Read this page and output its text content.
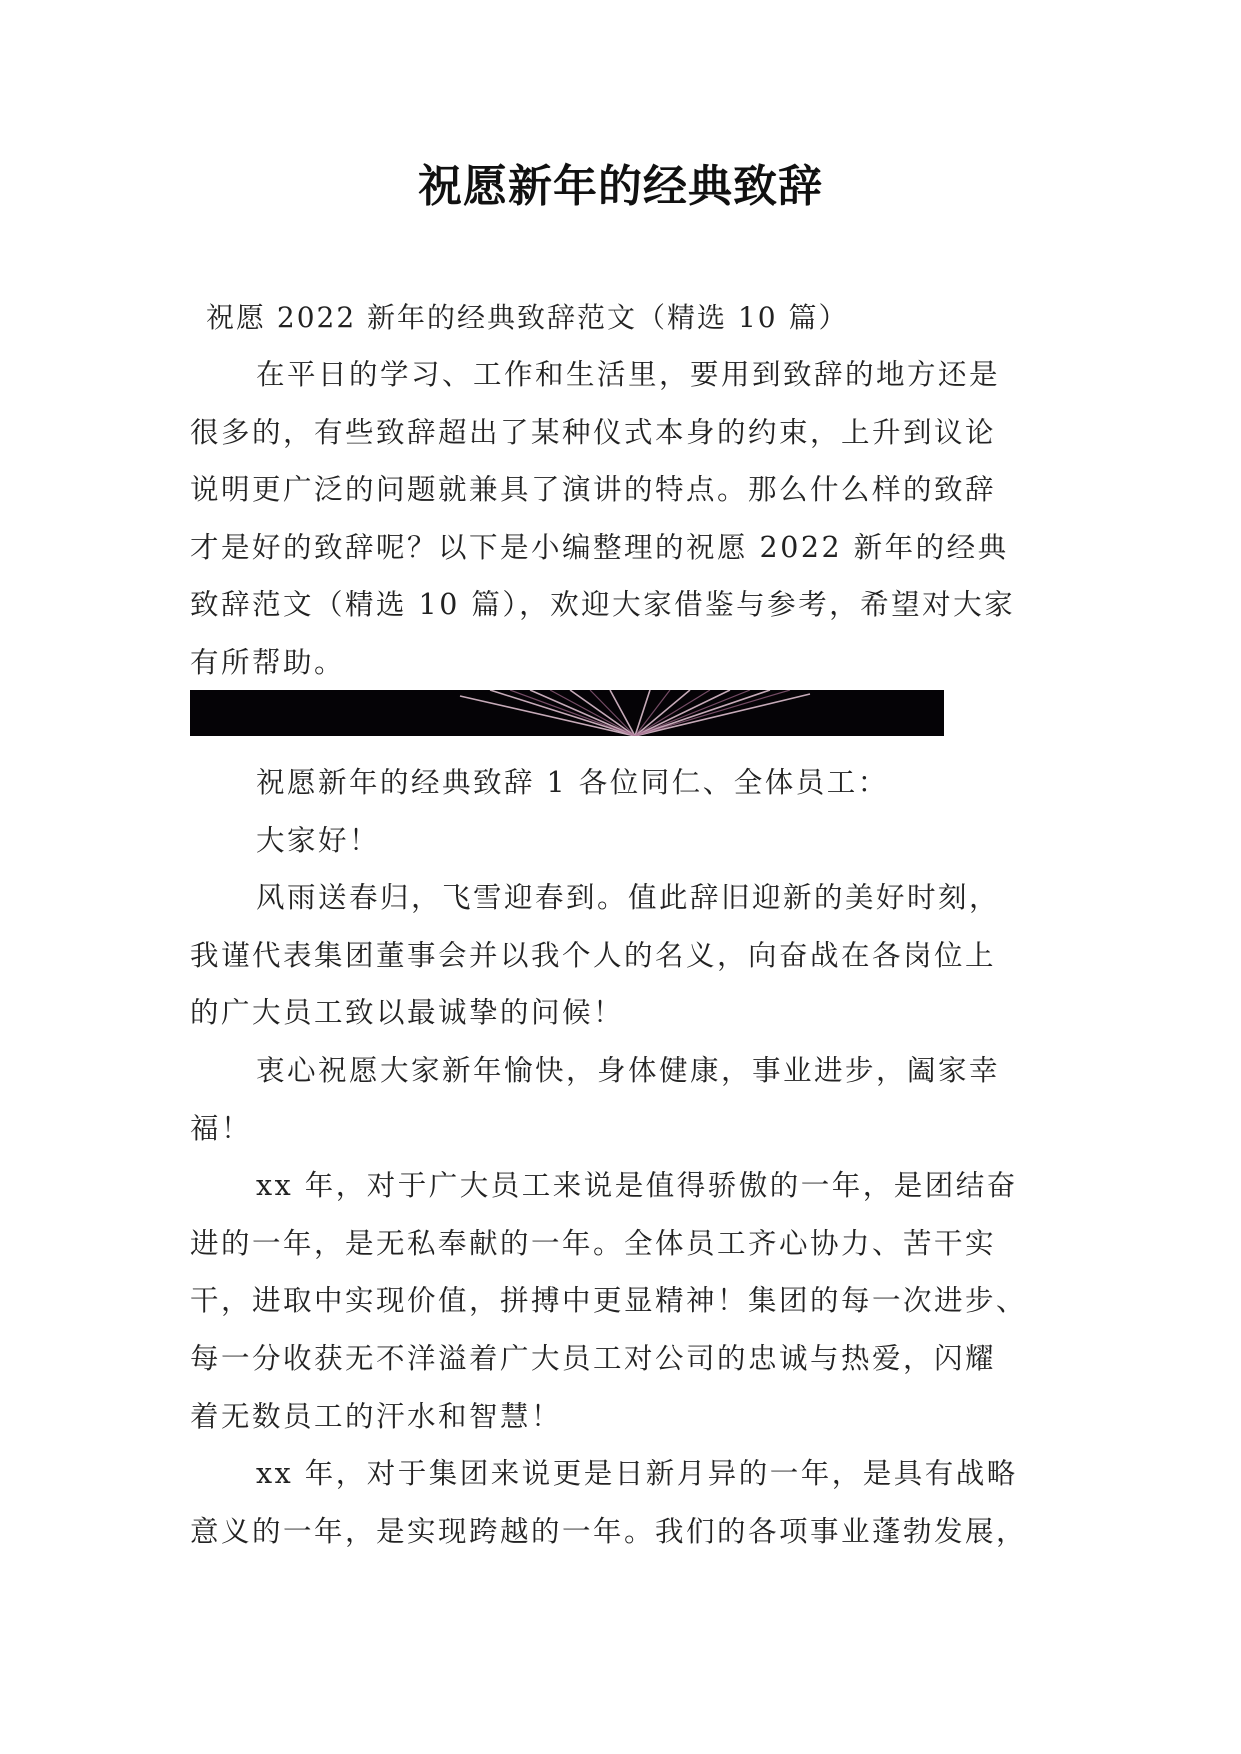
祝愿新年的经典致辞
祝愿 2022 新年的经典致辞范文（精选 10 篇）
在平日的学习、工作和生活里，要用到致辞的地方还是
很多的，有些致辞超出了某种仪式本身的约束，上升到议论
说明更广泛的问题就兼具了演讲的特点。那么什么样的致辞
才是好的致辞呢？以下是小编整理的祝愿 2022 新年的经典
致辞范文（精选 10 篇），欢迎大家借鉴与参考，希望对大家
有所帮助。
祝愿新年的经典致辞 1 各位同仁、全体员工：
大家好！
风雨送春归，飞雪迎春到。值此辞旧迎新的美好时刻，
我谨代表集团董事会并以我个人的名义，向奋战在各岗位上
的广大员工致以最诚挚的问候！
衷心祝愿大家新年愉快，身体健康，事业进步，阖家幸
福！
xx 年，对于广大员工来说是值得骄傲的一年，是团结奋
进的一年，是无私奉献的一年。全体员工齐心协力、苦干实
干，进取中实现价值，拼搏中更显精神！集团的每一次进步、
每一分收获无不洋溢着广大员工对公司的忠诚与热爱，闪耀
着无数员工的汗水和智慧！
xx 年，对于集团来说更是日新月异的一年，是具有战略
意义的一年，是实现跨越的一年。我们的各项事业蓬勃发展，
